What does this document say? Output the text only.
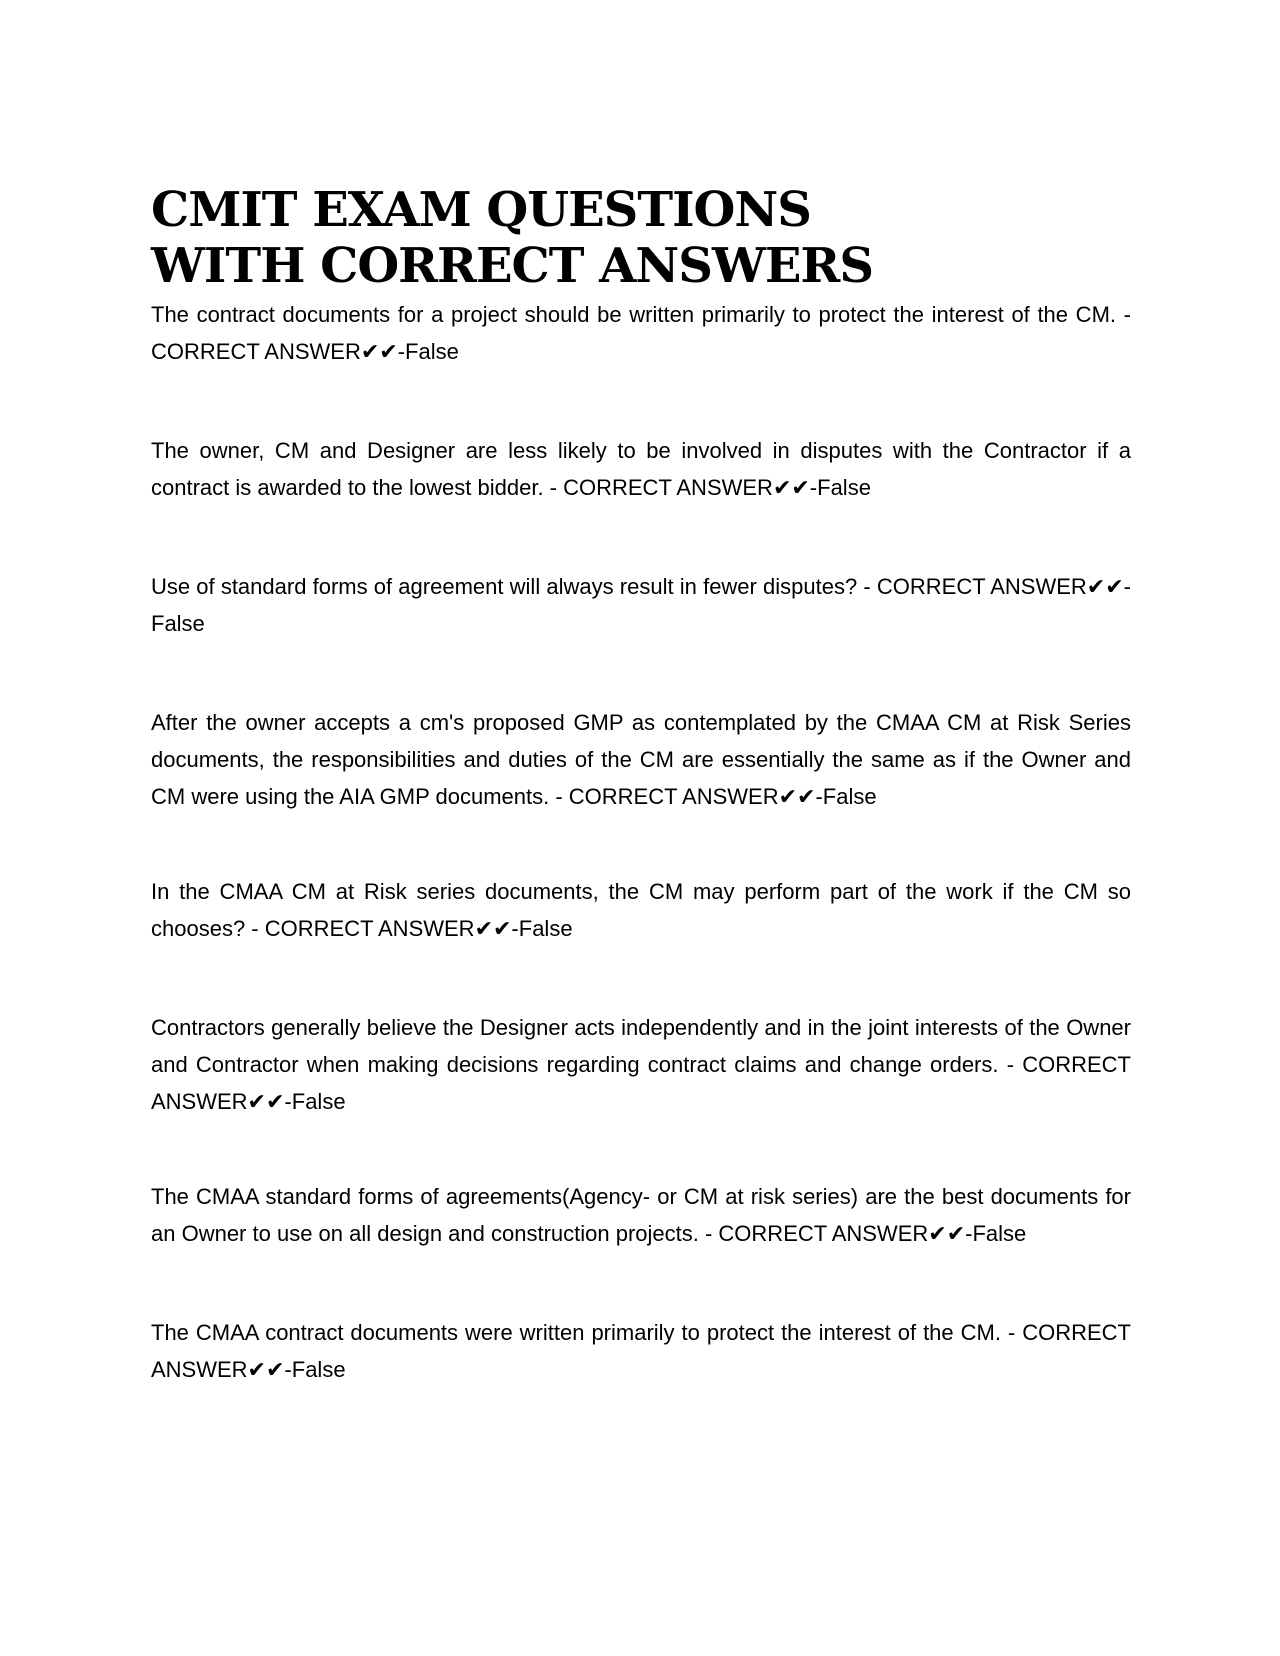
CMIT EXAM QUESTIONS WITH CORRECT ANSWERS

The contract documents for a project should be written primarily to protect the interest of the CM. - CORRECT ANSWER✔✔-False

The owner, CM and Designer are less likely to be involved in disputes with the Contractor if a contract is awarded to the lowest bidder. - CORRECT ANSWER✔✔-False

Use of standard forms of agreement will always result in fewer disputes? - CORRECT ANSWER✔✔-False

After the owner accepts a cm's proposed GMP as contemplated by the CMAA CM at Risk Series documents, the responsibilities and duties of the CM are essentially the same as if the Owner and CM were using the AIA GMP documents. - CORRECT ANSWER✔✔-False

In the CMAA CM at Risk series documents, the CM may perform part of the work if the CM so chooses? - CORRECT ANSWER✔✔-False

Contractors generally believe the Designer acts independently and in the joint interests of the Owner and Contractor when making decisions regarding contract claims and change orders. - CORRECT ANSWER✔✔-False

The CMAA standard forms of agreements(Agency- or CM at risk series) are the best documents for an Owner to use on all design and construction projects. - CORRECT ANSWER✔✔-False

The CMAA contract documents were written primarily to protect the interest of the CM. - CORRECT ANSWER✔✔-False
